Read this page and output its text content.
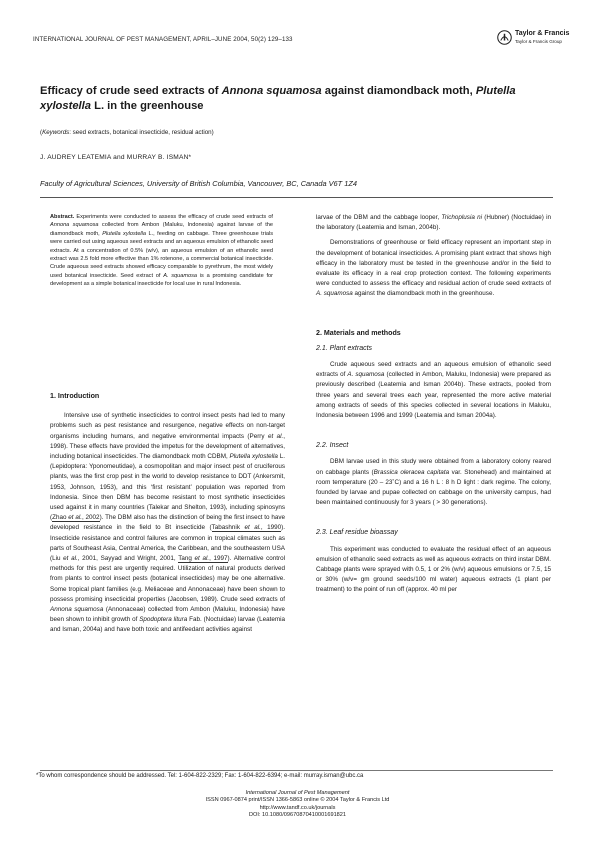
INTERNATIONAL JOURNAL OF PEST MANAGEMENT, APRIL–JUNE 2004, 50(2) 129–133
Taylor & Francis
Taylor & Francis Group
Efficacy of crude seed extracts of Annona squamosa against diamondback moth, Plutella xylostella L. in the greenhouse
(Keywords: seed extracts, botanical insecticide, residual action)
J. AUDREY LEATEMIA and MURRAY B. ISMAN*
Faculty of Agricultural Sciences, University of British Columbia, Vancouver, BC, Canada V6T 1Z4

Abstract. Experiments were conducted to assess the efficacy of crude seed extracts of Annona squamosa collected from Ambon (Maluku, Indonesia) against larvae of the diamondback moth, Plutella xylostella L., feeding on cabbage. Three greenhouse trials were carried out using aqueous seed extracts and an aqueous emulsion of ethanolic seed extracts. At a concentration of 0.5% (w/v), an aqueous emulsion of an ethanolic seed extract was 2.5 fold more effective than 1% rotenone, a commercial botanical insecticide. Crude aqueous seed extracts showed efficacy comparable to pyrethrum, the most widely used botanical insecticide. Seed extract of A. squamosa is a promising candidate for development as a simple botanical insecticide for local use in rural Indonesia.

1. Introduction

Intensive use of synthetic insecticides to control insect pests had led to many problems such as pest resistance and resurgence, negative effects on non-target organisms including humans, and negative environmental impacts (Perry et al., 1998). These effects have provided the impetus for the development of alternatives, including botanical insecticides. The diamondback moth CDBM, Plutella xylostella L. (Lepidoptera: Yponomeutidae), a cosmopolitan and major insect pest of cruciferous plants, was the first crop pest in the world to develop resistance to DDT (Ankersmit, 1953, Johnson, 1953), and this ‘first resistant’ population was reported from Indonesia. Since then DBM has become resistant to most synthetic insecticides used against it in many countries (Talekar and Shelton, 1993), including spinosyns (Zhao et al., 2002). The DBM also has the distinction of being the first insect to have developed resistance in the field to Bt insecticide (Tabashnik et al., 1990). Insecticide resistance and control failures are common in tropical climates such as parts of Southeast Asia, Central America, the Caribbean, and the southeastern USA (Liu et al., 2001, Sayyad and Wright, 2001, Tang et al., 1997). Alternative control methods for this pest are urgently required. Utilization of natural products derived from plants to control insect pests (botanical insecticides) may be one alternative. Some tropical plant families (e.g. Meliaceae and Annonaceae) have been shown to possess promising insecticidal properties (Jacobsen, 1989). Crude seed extracts of Annona squamosa (Annonaceae) collected from Ambon (Maluku, Indonesia) have been shown to inhibit growth of Spodoptera litura Fab. (Noctuidae) larvae (Leatemia and Isman, 2004a) and have both toxic and antifeedant activities against

larvae of the DBM and the cabbage looper, Trichoplusia ni (Hubner) (Noctuidae) in the laboratory (Leatemia and Isman, 2004b).

Demonstrations of greenhouse or field efficacy represent an important step in the development of botanical insecticides. A promising plant extract that shows high efficacy in the laboratory must be tested in the greenhouse and/or in the field to evaluate its efficacy in a real crop protection context. The following experiments were conducted to assess the efficacy and residual action of crude seed extracts of A. squamosa against the diamondback moth in the greenhouse.

2. Materials and methods
2.1. Plant extracts

Crude aqueous seed extracts and an aqueous emulsion of ethanolic seed extracts of A. squamosa (collected in Ambon, Maluku, Indonesia) were prepared as previously described (Leatemia and Isman 2004b). These extracts, pooled from three years and several trees each year, represented the more active material among extracts of seeds of this species collected in several locations in Maluku, Indonesia between 1996 and 1999 (Leatemia and Isman 2004a).

2.2. Insect

DBM larvae used in this study were obtained from a laboratory colony reared on cabbage plants (Brassica oleracea capitata var. Stonehead) and maintained at room temperature (20 – 23˚C) and a 16 h L : 8 h D light : dark regime. The colony, founded by larvae and pupae collected on cabbage on the university campus, had been maintained continuously for 3 years ( > 30 generations).

2.3. Leaf residue bioassay

This experiment was conducted to evaluate the residual effect of an aqueous emulsion of ethanolic seed extracts as well as aqueous extracts on third instar DBM. Cabbage plants were sprayed with 0.5, 1 or 2% (w/v) aqueous emulsions or 7.5, 15 or 30% (w/v= gm ground seeds/100 ml water) aqueous extracts (1 plant per treatment) to the point of run off (approx. 40 ml per

*To whom correspondence should be addressed. Tel: 1-604-822-2329; Fax: 1-604-822-6394; e-mail: murray.isman@ubc.ca
International Journal of Pest Management
ISSN 0967-0874 print/ISSN 1366-5863 online © 2004 Taylor & Francis Ltd
http://www.tandf.co.uk/journals
DOI: 10.1080/09670870410001691821
